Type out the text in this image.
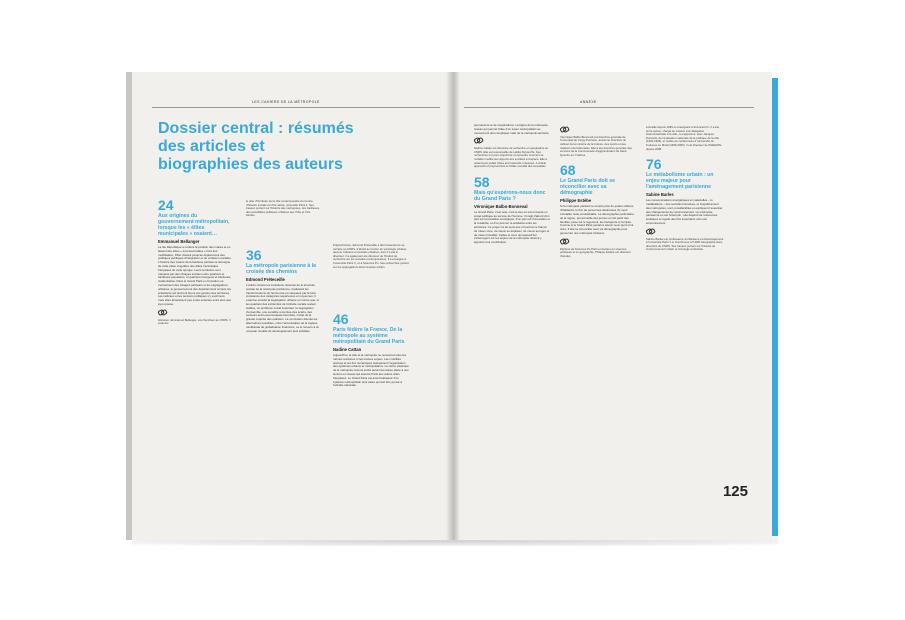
LES CAHIERS DE LA MÉTROPOLE
Dossier central : résumés des articles et biographies des auteurs
24
Aux origines du gouvernement métropolitain, lorsque les « élites municipales » osaient…
Emmanuel Bellanger

La IIIe République a conféré la position des maires et en faisant des élites « incontournables » hors leur mobilisation. Pilier d'avant jusqu'au déploiement des politiques publiques d'intégration et de cohésion sociales. L'histoire des maires de la banlieue parisienne témoigne de cette place singulière des élites municipales françaises de cette époque. Leurs territoires sont marqués par des clivages sociaux entre quartiers et banlieues populaires, et quartiers bourgeois et banlieues résidentielles. Dans le Grand Paris en formation où s'enracinent des clivages partisans et les ségrégations urbaines, le gouvernement des départements compte les présidents qui donnent lieu à une gestion des territoires. Les radicaux et les tensions politiques s'y expriment, mais elles aboutissent peu à des ententes entre élus que tout oppose.

Historien, Emmanuel Bellanger, est chercheur au CNRS. Il examine
36
La métropole parisienne à la croisée des chemins
Edmond Préteceille

L'article retrace les évolutions récentes de la structure sociale de la métropole parisienne, traduisant les transformations de l'économie et marquées par la forte croissance des catégories supérieures et moyennes. Il examine ensuite la ségrégation urbaine et montre que, si les quartiers des extrémités de l'échelle sociale restent stables, un problème social important, la ségrégation d'ensemble, une sensible remontée des écarts, des secteurs socio-économiques favorisés, mixité de la grande majorité des quartiers. La conclusion discute les alternatives possibles, entre l'accentuation de la logique néolibérale de globalisation financière, ou le recours à un nouveau modèle de développement plus solidaire.

le pôle d'Territoire de la ville contemporaine du Centre d'histoire sociale du XXe siècle, université Paris 1. Ses travaux portent sur l'histoire des métropoles, des banlieues, des sociabilités politiques urbaines aux XIXe et XXe siècles.
Polytechnicien, Edmond Préteceille a fait l'essentiel de sa carrière au CNRS, d'abord au Centre de sociologie urbaine, devenu Cultures et sociétés urbaines, dont il a été le directeur. Il a également été directeur de l'Institut de recherche sur les sociétés contemporaines. Il a enseigné à l'université Paris X, et à Sciences Po. Ses recherches portent sur les ségrégations dans l'espace urbain.
46
Paris fédère la France. De la métropole au système métropolitain du Grand Paris
Nadine Cattan

Aujourd'hui, la ville et la métropole ne recouvrent plus les mêmes territoires ni les mêmes enjeux. Les mobilités accrues et les flux numériques redessinent l'organisation des systèmes urbains et métropolitains. La vision classique de la métropole comme entité autonome laisse place à une lecture en réseau qui associe Paris aux autres villes françaises. Le Grand Paris est ainsi fédérateur d'un système métropolitain plus vaste qui doit être pensé à l'échelle nationale.

ANNEXE

permanents et de coopérations. La figure de la métropole-réseau qui permet l'idée d'un super métropolitain au mouvement doit compliquer celle de la métropole-territoire.

Nadine Cattan est directrice de recherche en géographie au CNRS. Elle est responsable de LabEx DynamiTe. Ses recherches ont pour objectif de comprendre comment la mobilité modifie les rapports des sociétés à l'espace. Elle a notamment publié Cities and networks in Europe. A critical approach of polycentrism et l'Atlas mondial des sexualités.
58
Mais qu'espérons-nous donc du Grand Paris ?
Véronique Balbo-Bonneval

Le Grand Paris, c'est cela, c'est le lieu où s'est inventé un projet politique au service de l'homme. Il s'agit d'abord d'un pari sur la transition écologique, d'un pari sur l'innovation et la créativité, et d'un pari sur la solidarité entre les territoires. Ce projet n'a de sens que s'il permet à chacun de mieux vivre, de mieux se déplacer, de mieux se loger et de mieux travailler. Celles et ceux qui aujourd'hui s'interrogent sur les enjeux de la métropole doivent y apporter leur contribution.

Véronique Balbo-Bonneval est directrice générale de l'université de Cergy-Pontoise, ancienne directrice de cabinet de la ministre de la Culture, des sports et des relations internationales. Elle a été directrice générale des services de la Communauté d'agglomération de Saint-Quentin-en-Yvelines.
68
Le Grand Paris doit se réconcilier avec sa démographie
Philippe Estèbe

Si la métropole parisienne compte plus de quatre millions d'habitants, le flux de personnes désireuses d'y venir s'installer reste considérable. La démographie particulière de la région, qui accueille des jeunes et voit partir des familles, pèse sur le logement, les transports et l'emploi. Comme si le Grand Paris peinait à retenir ceux qui le font vivre, il doit se réconcilier avec sa démographie pour gouverner une métropole inclusive.

Diplômé de Sciences Po Paris et docteur en sciences politiques et en géographie, Philippe Estèbe est directeur d'études
à Acadie depuis 1995 et enseignant à Sciences Po. Il a été, entre autres, chargé de mission à la délégation interministérielle à la ville, co-rapporteur, avec Jacques Donzelot, de l'évaluation nationale de la politique de la ville (1992-1994), et maître de conférences à l'université de Toulouse Le Mirail (1995-2006). Il est directeur de l'IHEDATE depuis 2008.
76
Le métabolisme urbain : un enjeu majeur pour l'aménagement parisienne
Sabine Barles

Les consommations énergétiques et matérielles – le métabolisme – des sociétés humaines, et singulièrement des métropoles, sont considérables et expliquent l'essentiel des changements de l'environnement. La métropole parisienne en est l'exemple : elle dépend de ressources lointaines et rejette des flux importants vers son environnement.

Sabine Barles est professeure d'urbanisme et d'aménagement à l'université Paris 1 et chercheuse à l'UMR Géographie-cités, directrice du CNRS. Ses travaux portent sur l'histoire de l'environnement urbain et l'écologie territoriale.
125
